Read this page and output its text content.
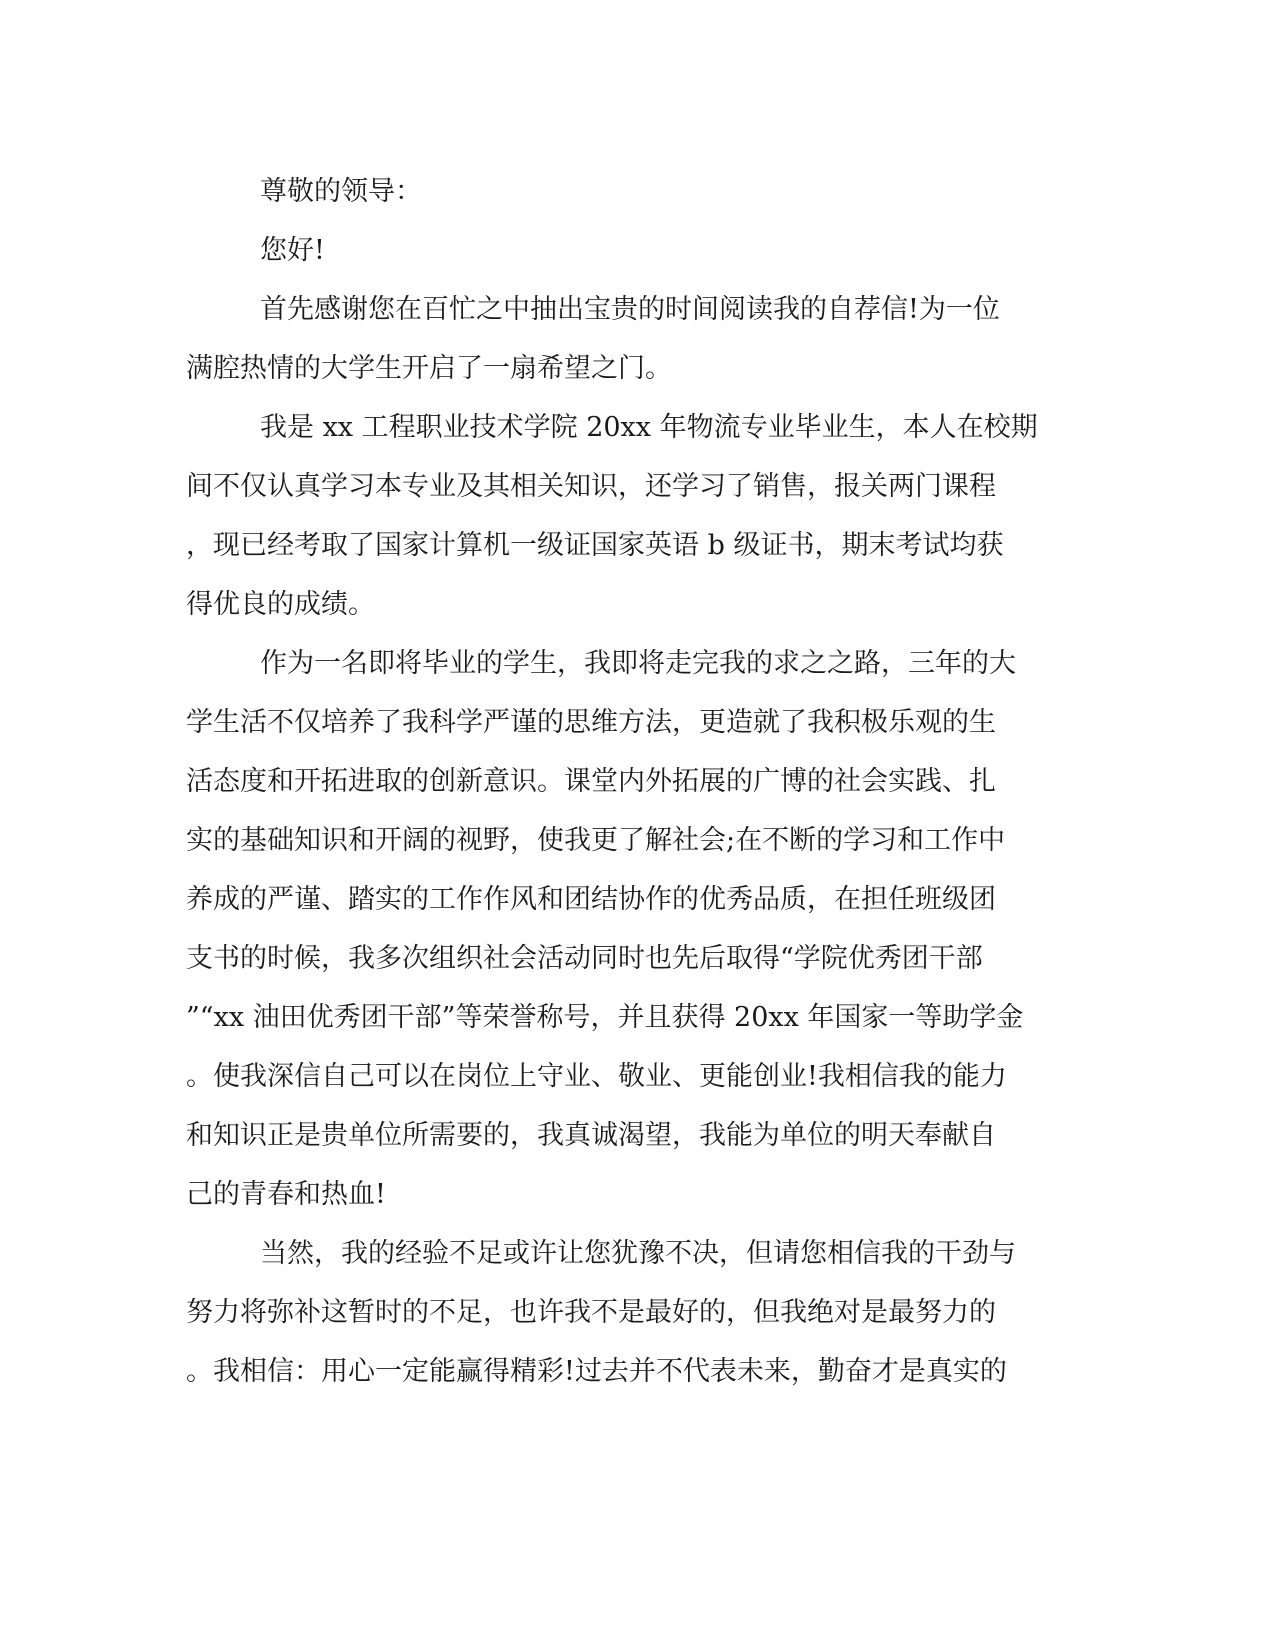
尊敬的领导：
您好!
首先感谢您在百忙之中抽出宝贵的时间阅读我的自荐信!为一位
满腔热情的大学生开启了一扇希望之门。
我是 xx 工程职业技术学院 20xx 年物流专业毕业生，本人在校期
间不仅认真学习本专业及其相关知识，还学习了销售，报关两门课程
，现已经考取了国家计算机一级证国家英语 b 级证书，期末考试均获
得优良的成绩。
作为一名即将毕业的学生，我即将走完我的求之之路，三年的大
学生活不仅培养了我科学严谨的思维方法，更造就了我积极乐观的生
活态度和开拓进取的创新意识。课堂内外拓展的广博的社会实践、扎
实的基础知识和开阔的视野，使我更了解社会;在不断的学习和工作中
养成的严谨、踏实的工作作风和团结协作的优秀品质，在担任班级团
支书的时候，我多次组织社会活动同时也先后取得“学院优秀团干部
”“xx 油田优秀团干部”等荣誉称号，并且获得 20xx 年国家一等助学金
。使我深信自己可以在岗位上守业、敬业、更能创业!我相信我的能力
和知识正是贵单位所需要的，我真诚渴望，我能为单位的明天奉献自
己的青春和热血!
当然，我的经验不足或许让您犹豫不决，但请您相信我的干劲与
努力将弥补这暂时的不足，也许我不是最好的，但我绝对是最努力的
。我相信：用心一定能赢得精彩!过去并不代表未来，勤奋才是真实的
